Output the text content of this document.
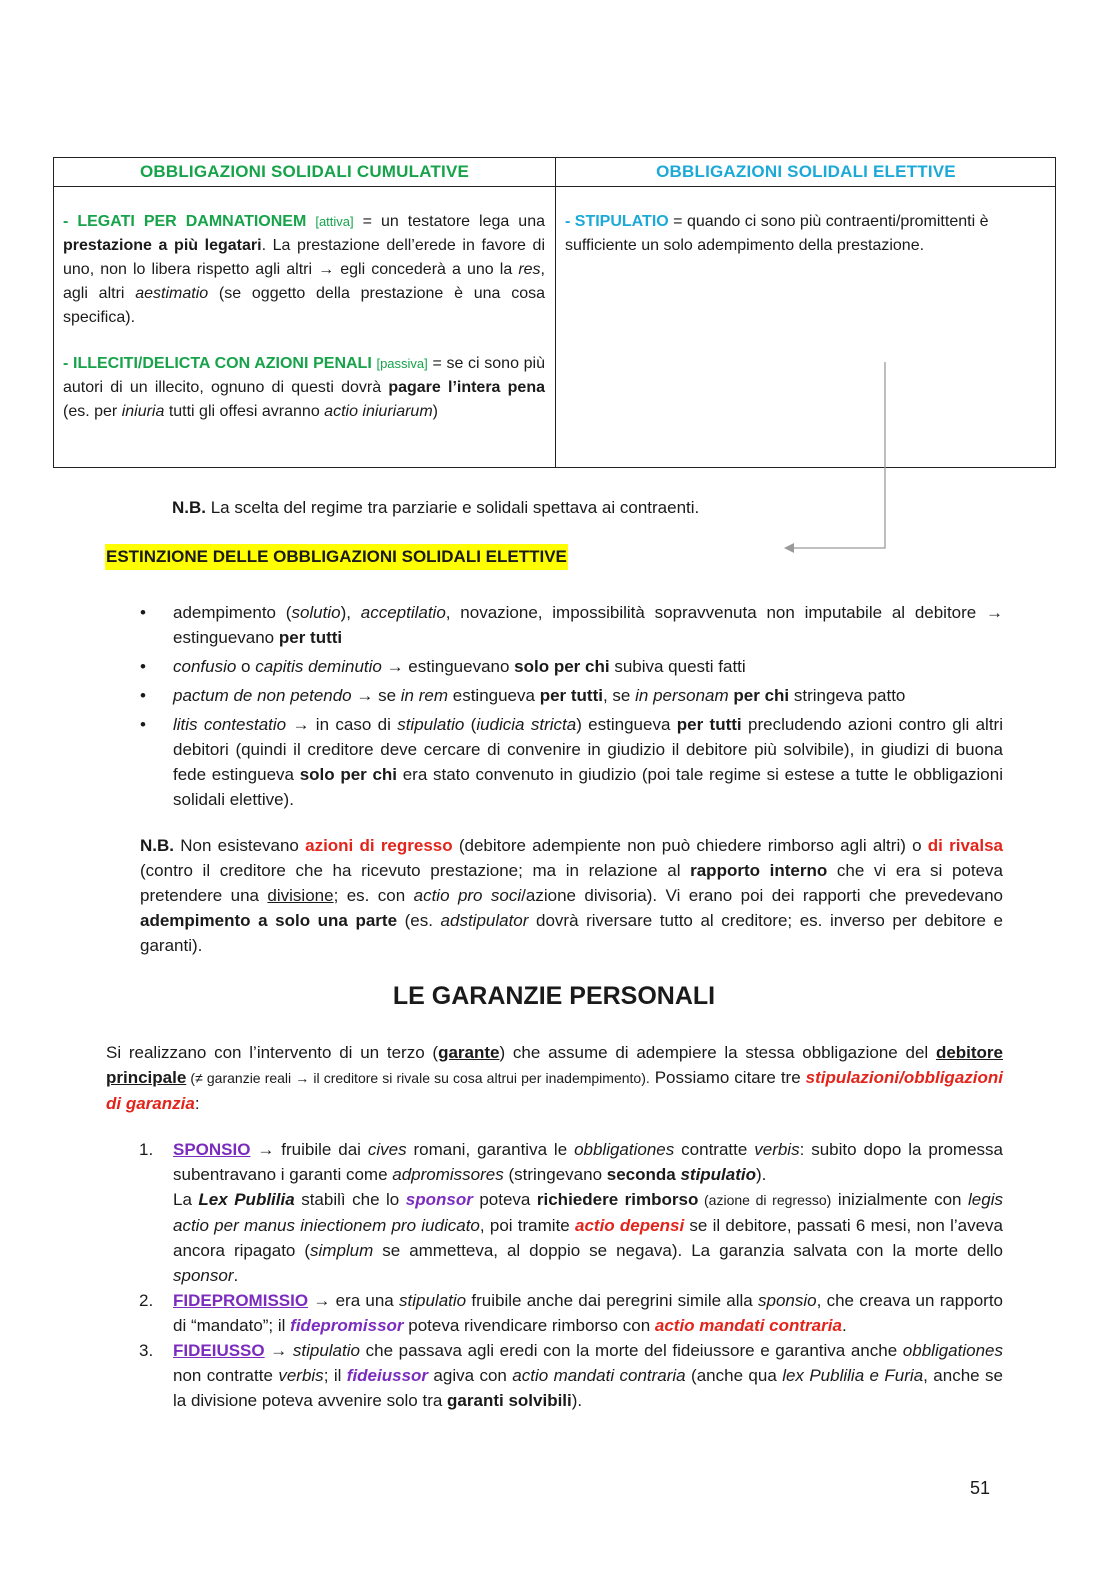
OBBLIGAZIONI SOLIDALI CUMULATIVE	OBBLIGAZIONI SOLIDALI ELETTIVE

- LEGATI PER DAMNATIONEM [attiva] = un testatore lega una prestazione a più legatari. La prestazione dell’erede in favore di uno, non lo libera rispetto agli altri → egli concederà a uno la res, agli altri aestimatio (se oggetto della prestazione è una cosa specifica).

- ILLECITI/DELICTA CON AZIONI PENALI [passiva] = se ci sono più autori di un illecito, ognuno di questi dovrà pagare l’intera pena (es. per iniuria tutti gli offesi avranno actio iniuriarum)

- STIPULATIO = quando ci sono più contraenti/promittenti è sufficiente un solo adempimento della prestazione.

N.B. La scelta del regime tra parziarie e solidali spettava ai contraenti.
ESTINZIONE DELLE OBBLIGAZIONI SOLIDALI ELETTIVE
• adempimento (solutio), acceptilatio, novazione, impossibilità sopravvenuta non imputabile al debitore → estinguevano per tutti
• confusio o capitis deminutio → estinguevano solo per chi subiva questi fatti
• pactum de non petendo → se in rem estingueva per tutti, se in personam per chi stringeva patto
• litis contestatio → in caso di stipulatio (iudicia stricta) estingueva per tutti precludendo azioni contro gli altri debitori (quindi il creditore deve cercare di convenire in giudizio il debitore più solvibile), in giudizi di buona fede estingueva solo per chi era stato convenuto in giudizio (poi tale regime si estese a tutte le obbligazioni solidali elettive).
N.B. Non esistevano azioni di regresso (debitore adempiente non può chiedere rimborso agli altri) o di rivalsa (contro il creditore che ha ricevuto prestazione; ma in relazione al rapporto interno che vi era si poteva pretendere una divisione; es. con actio pro soci/azione divisoria). Vi erano poi dei rapporti che prevedevano adempimento a solo una parte (es. adstipulator dovrà riversare tutto al creditore; es. inverso per debitore e garanti).
LE GARANZIE PERSONALI
Si realizzano con l’intervento di un terzo (garante) che assume di adempiere la stessa obbligazione del debitore principale (≠ garanzie reali → il creditore si rivale su cosa altrui per inadempimento). Possiamo citare tre stipulazioni/obbligazioni di garanzia:
1. SPONSIO → fruibile dai cives romani, garantiva le obbligationes contratte verbis: subito dopo la promessa subentravano i garanti come adpromissores (stringevano seconda stipulatio).
La Lex Publilia stabilì che lo sponsor poteva richiedere rimborso (azione di regresso) inizialmente con legis actio per manus iniectionem pro iudicato, poi tramite actio depensi se il debitore, passati 6 mesi, non l’aveva ancora ripagato (simplum se ammetteva, al doppio se negava). La garanzia salvata con la morte dello sponsor.
2. FIDEPROMISSIO → era una stipulatio fruibile anche dai peregrini simile alla sponsio, che creava un rapporto di “mandato”; il fidepromissor poteva rivendicare rimborso con actio mandati contraria.
3. FIDEIUSSO → stipulatio che passava agli eredi con la morte del fideiussore e garantiva anche obbligationes non contratte verbis; il fideiussor agiva con actio mandati contraria (anche qua lex Publilia e Furia, anche se la divisione poteva avvenire solo tra garanti solvibili).
51
